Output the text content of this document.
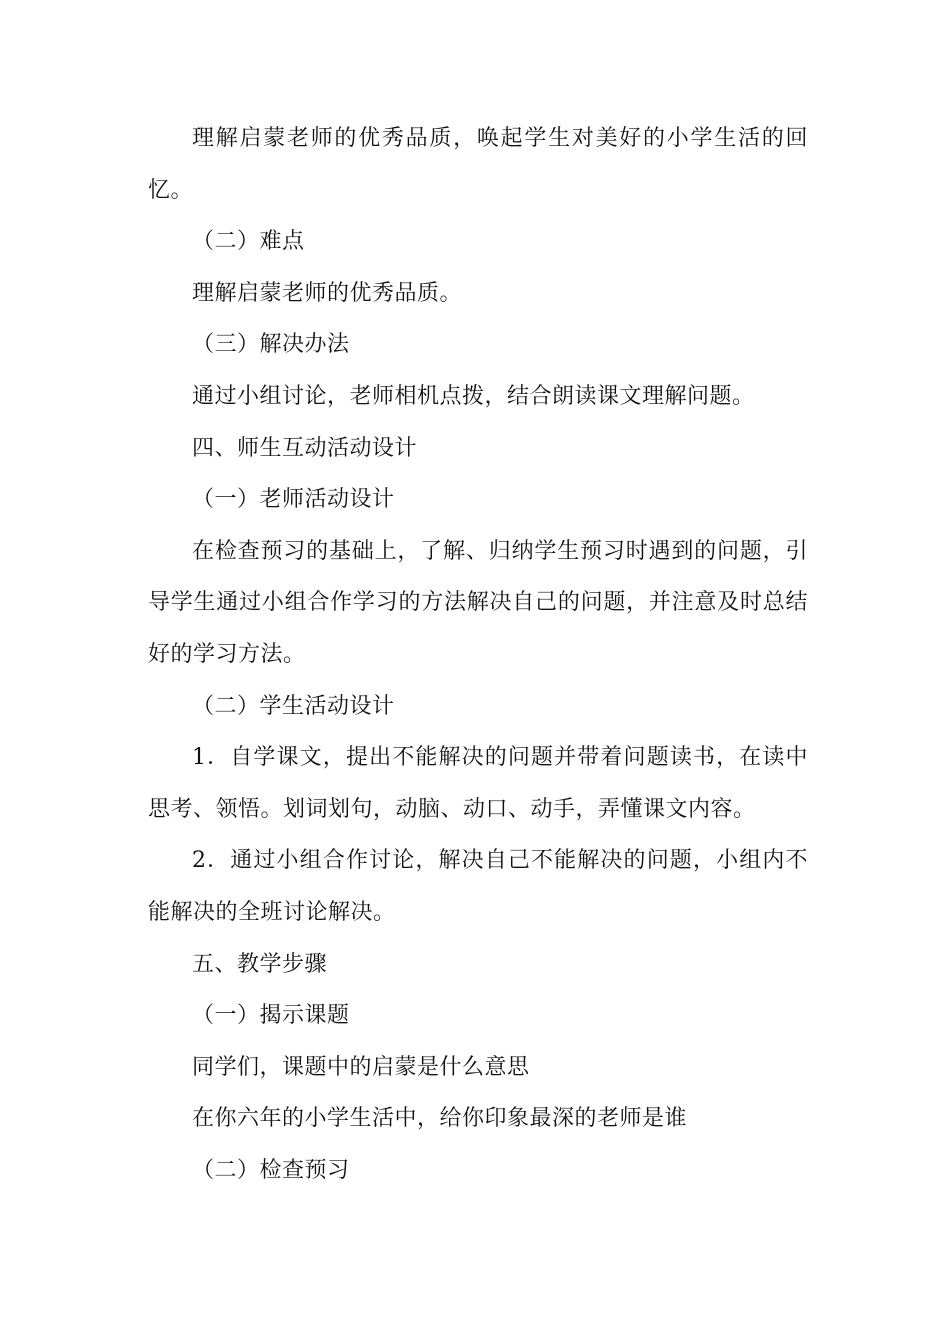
理解启蒙老师的优秀品质，唤起学生对美好的小学生活的回忆。

（二）难点

理解启蒙老师的优秀品质。

（三）解决办法

通过小组讨论，老师相机点拨，结合朗读课文理解问题。

四、师生互动活动设计

（一）老师活动设计

在检查预习的基础上，了解、归纳学生预习时遇到的问题，引导学生通过小组合作学习的方法解决自己的问题，并注意及时总结好的学习方法。

（二）学生活动设计

1．自学课文，提出不能解决的问题并带着问题读书，在读中思考、领悟。划词划句，动脑、动口、动手，弄懂课文内容。

2．通过小组合作讨论，解决自己不能解决的问题，小组内不能解决的全班讨论解决。

五、教学步骤

（一）揭示课题

同学们，课题中的启蒙是什么意思

在你六年的小学生活中，给你印象最深的老师是谁

（二）检查预习
